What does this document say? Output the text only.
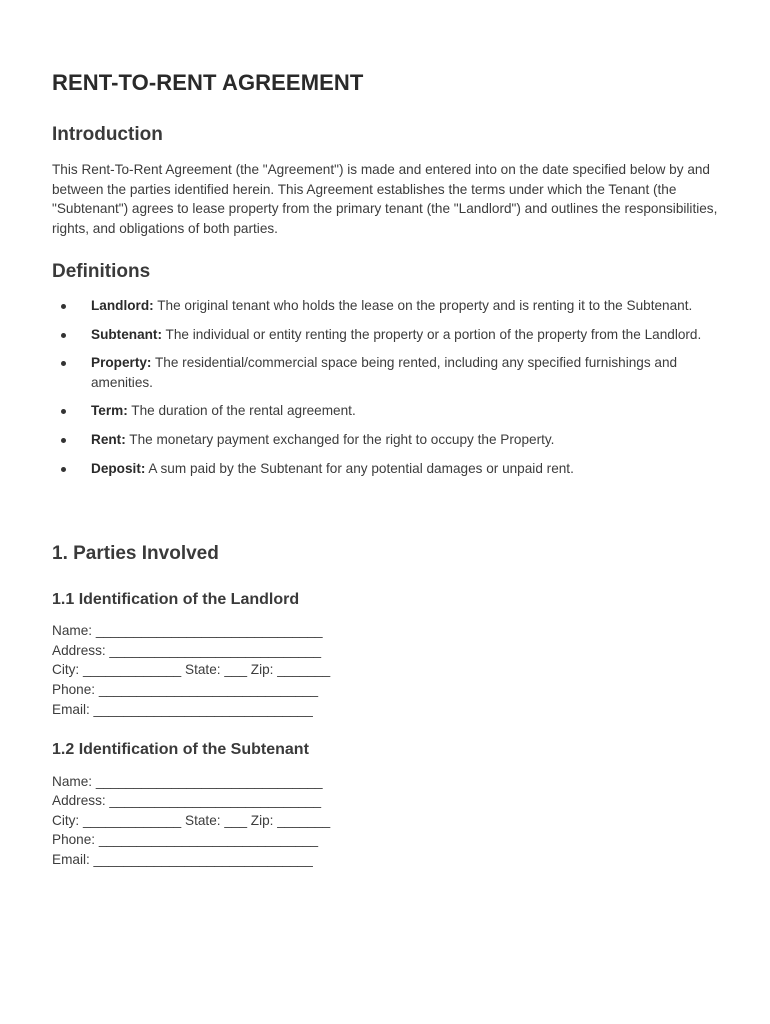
RENT-TO-RENT AGREEMENT
Introduction

This Rent-To-Rent Agreement (the "Agreement") is made and entered into on the date specified below by and between the parties identified herein. This Agreement establishes the terms under which the Tenant (the "Subtenant") agrees to lease property from the primary tenant (the "Landlord") and outlines the responsibilities, rights, and obligations of both parties.

Definitions
Landlord: The original tenant who holds the lease on the property and is renting it to the Subtenant.
Subtenant: The individual or entity renting the property or a portion of the property from the Landlord.
Property: The residential/commercial space being rented, including any specified furnishings and amenities.
Term: The duration of the rental agreement.
Rent: The monetary payment exchanged for the right to occupy the Property.
Deposit: A sum paid by the Subtenant for any potential damages or unpaid rent.
1. Parties Involved
1.1 Identification of the Landlord

Name: ______________________________

Address: ____________________________

City: _____________ State: ___ Zip: _______

Phone: _____________________________

Email: _____________________________

1.2 Identification of the Subtenant

Name: ______________________________

Address: ____________________________

City: _____________ State: ___ Zip: _______

Phone: _____________________________

Email: _____________________________
